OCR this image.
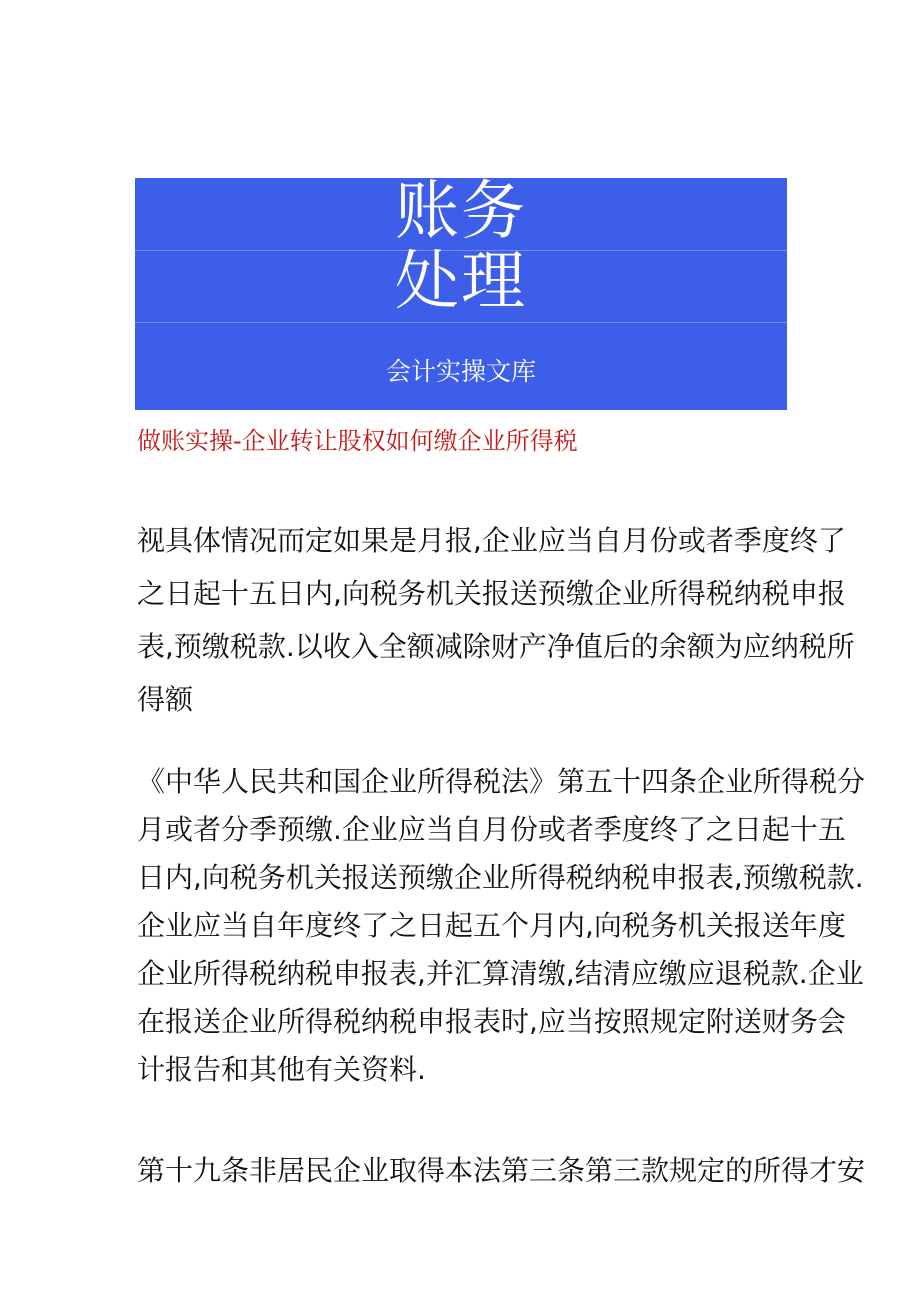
账务
处理
会计实操文库
做账实操-企业转让股权如何缴企业所得税
视具体情况而定如果是月报,企业应当自月份或者季度终了
之日起十五日内,向税务机关报送预缴企业所得税纳税申报
表,预缴税款.以收入全额减除财产净值后的余额为应纳税所
得额
《中华人民共和国企业所得税法》第五十四条企业所得税分
月或者分季预缴.企业应当自月份或者季度终了之日起十五
日内,向税务机关报送预缴企业所得税纳税申报表,预缴税款.
企业应当自年度终了之日起五个月内,向税务机关报送年度
企业所得税纳税申报表,并汇算清缴,结清应缴应退税款.企业
在报送企业所得税纳税申报表时,应当按照规定附送财务会
计报告和其他有关资料.
第十九条非居民企业取得本法第三条第三款规定的所得才安
